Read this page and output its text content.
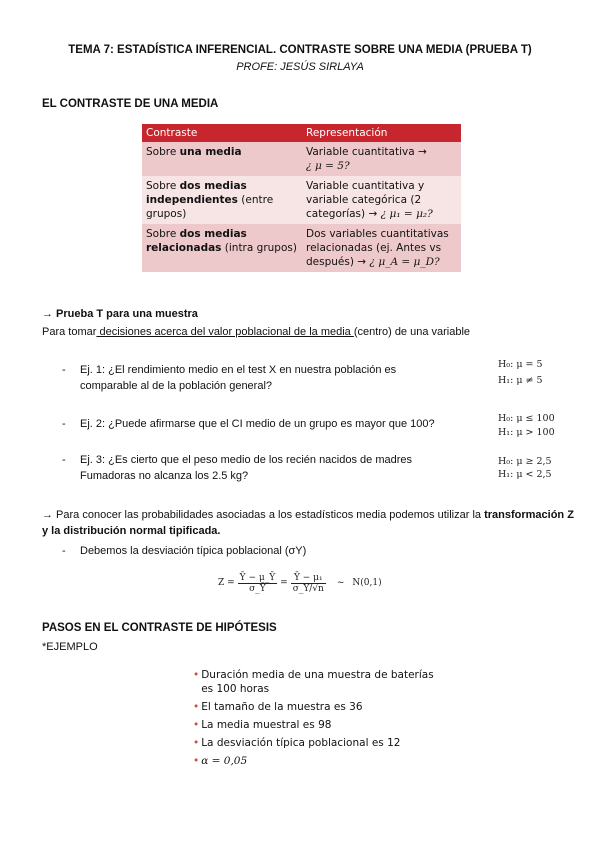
TEMA 7: ESTADÍSTICA INFERENCIAL. CONTRASTE SOBRE UNA MEDIA (PRUEBA T)
PROFE: JESÚS SIRLAYA
EL CONTRASTE DE UNA MEDIA
Contraste	Representación
Sobre una media	Variable cuantitativa →
¿ μ = 5?
Sobre dos medias independientes (entre grupos)	Variable cuantitativa y variable categórica (2 categorías) → ¿ μ₁ = μ₂?
Sobre dos medias relacionadas (intra grupos)	Dos variables cuantitativas relacionadas (ej. Antes vs después) → ¿ μ_A = μ_D?
→ Prueba T para una muestra
Para tomar decisiones acerca del valor poblacional de la media (centro) de una variable
- Ej. 1: ¿El rendimiento medio en el test X en nuestra población es comparable al de la población general?
H₀: μ = 5
H₁: μ ≠ 5
- Ej. 2: ¿Puede afirmarse que el CI medio de un grupo es mayor que 100?	H₀: μ ≤ 100
H₁: μ > 100
- Ej. 3: ¿Es cierto que el peso medio de los recién nacidos de madres Fumadoras no alcanza los 2.5 kg?
H₀: μ ≥ 2,5
H₁: μ < 2,5
→ Para conocer las probabilidades asociadas a los estadísticos media podemos utilizar la transformación Z y la distribución normal tipificada.
- Debemos la desviación típica poblacional (σY)
$Z = \frac{Ȳ - \mu\_Ȳ}{\sigma\_Ȳ} = \frac{\text{Ȳ − μ₁}}{\sigma\_Y/√n}$ ~ N(0,1)
PASOS EN EL CONTRASTE DE HIPÓTESIS
*EJEMPLO
• Duración media de una muestra de baterías es 100 horas
• El tamaño de la muestra es 36
• La media muestral es 98
• La desviación típica poblacional es 12
• α = 0,05
